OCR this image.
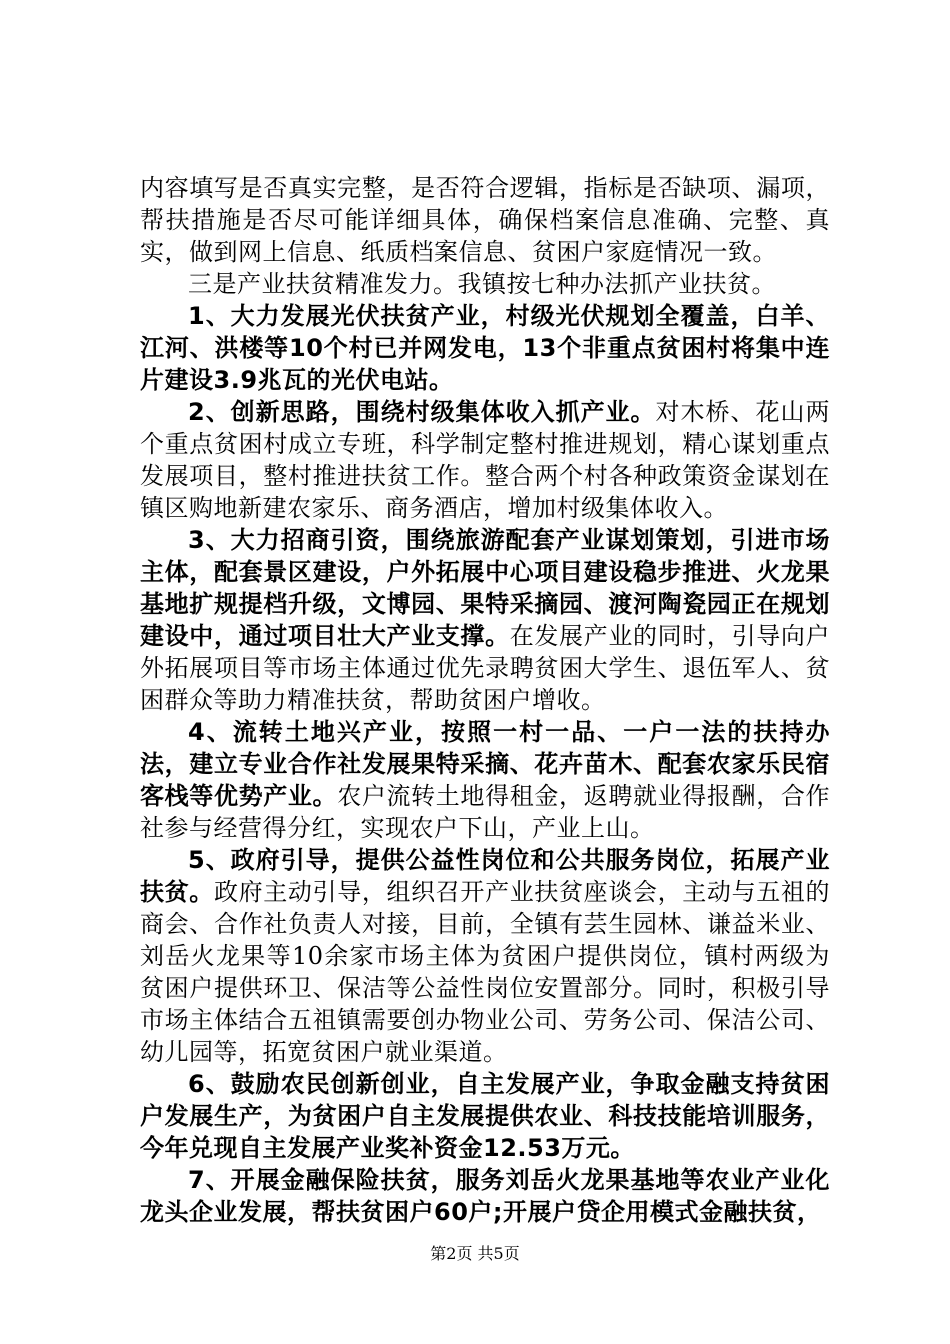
内容填写是否真实完整，是否符合逻辑，指标是否缺项、漏项，帮扶措施是否尽可能详细具体，确保档案信息准确、完整、真实，做到网上信息、纸质档案信息、贫困户家庭情况一致。

三是产业扶贫精准发力。我镇按七种办法抓产业扶贫。

1、大力发展光伏扶贫产业，村级光伏规划全覆盖，白羊、江河、洪楼等10个村已并网发电，13个非重点贫困村将集中连片建设3.9兆瓦的光伏电站。

2、创新思路，围绕村级集体收入抓产业。对木桥、花山两个重点贫困村成立专班，科学制定整村推进规划，精心谋划重点发展项目，整村推进扶贫工作。整合两个村各种政策资金谋划在镇区购地新建农家乐、商务酒店，增加村级集体收入。

3、大力招商引资，围绕旅游配套产业谋划策划，引进市场主体，配套景区建设，户外拓展中心项目建设稳步推进、火龙果基地扩规提档升级，文博园、果特采摘园、渡河陶瓷园正在规划建设中，通过项目壮大产业支撑。在发展产业的同时，引导向户外拓展项目等市场主体通过优先录聘贫困大学生、退伍军人、贫困群众等助力精准扶贫，帮助贫困户增收。

4、流转土地兴产业，按照一村一品、一户一法的扶持办法，建立专业合作社发展果特采摘、花卉苗木、配套农家乐民宿客栈等优势产业。农户流转土地得租金，返聘就业得报酬，合作社参与经营得分红，实现农户下山，产业上山。

5、政府引导，提供公益性岗位和公共服务岗位，拓展产业扶贫。政府主动引导，组织召开产业扶贫座谈会，主动与五祖的商会、合作社负责人对接，目前，全镇有芸生园林、谦益米业、刘岳火龙果等10余家市场主体为贫困户提供岗位，镇村两级为贫困户提供环卫、保洁等公益性岗位安置部分。同时，积极引导市场主体结合五祖镇需要创办物业公司、劳务公司、保洁公司、幼儿园等，拓宽贫困户就业渠道。

6、鼓励农民创新创业，自主发展产业，争取金融支持贫困户发展生产，为贫困户自主发展提供农业、科技技能培训服务，今年兑现自主发展产业奖补资金12.53万元。

7、开展金融保险扶贫，服务刘岳火龙果基地等农业产业化龙头企业发展，帮扶贫困户60户;开展户贷企用模式金融扶贫，

第2页 共5页
